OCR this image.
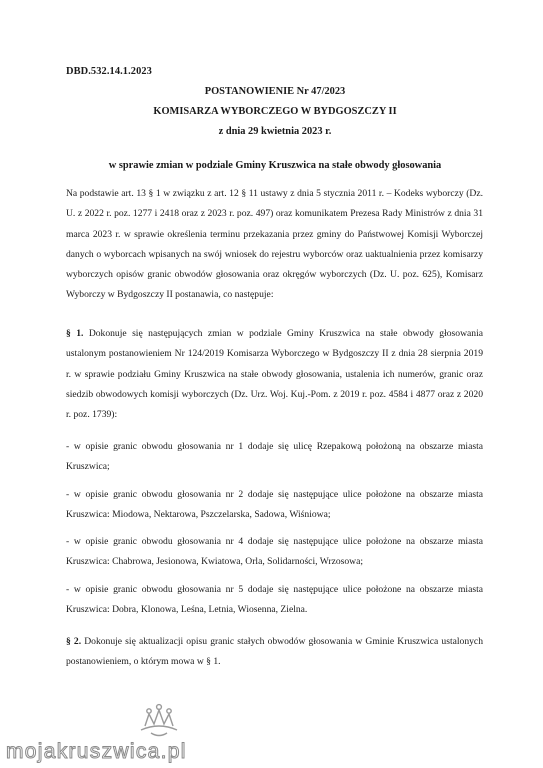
DBD.532.14.1.2023
POSTANOWIENIE Nr 47/2023
KOMISARZA WYBORCZEGO W BYDGOSZCZY II
z dnia 29 kwietnia 2023 r.
w sprawie zmian w podziale Gminy Kruszwica na stałe obwody głosowania

Na podstawie art. 13 § 1 w związku z art. 12 § 11 ustawy z dnia 5 stycznia 2011 r. – Kodeks wyborczy (Dz. U. z 2022 r. poz. 1277 i 2418 oraz z 2023 r. poz. 497) oraz komunikatem Prezesa Rady Ministrów z dnia 31 marca 2023 r. w sprawie określenia terminu przekazania przez gminy do Państwowej Komisji Wyborczej danych o wyborcach wpisanych na swój wniosek do rejestru wyborców oraz uaktualnienia przez komisarzy wyborczych opisów granic obwodów głosowania oraz okręgów wyborczych (Dz. U. poz. 625), Komisarz Wyborczy w Bydgoszczy II postanawia, co następuje:

§ 1. Dokonuje się następujących zmian w podziale Gminy Kruszwica na stałe obwody głosowania ustalonym postanowieniem Nr 124/2019 Komisarza Wyborczego w Bydgoszczy II z dnia 28 sierpnia 2019 r. w sprawie podziału Gminy Kruszwica na stałe obwody głosowania, ustalenia ich numerów, granic oraz siedzib obwodowych komisji wyborczych (Dz. Urz. Woj. Kuj.-Pom. z 2019 r. poz. 4584 i 4877 oraz z 2020 r. poz. 1739):

- w opisie granic obwodu głosowania nr 1 dodaje się ulicę Rzepakową położoną na obszarze miasta Kruszwica;

- w opisie granic obwodu głosowania nr 2 dodaje się następujące ulice położone na obszarze miasta Kruszwica: Miodowa, Nektarowa, Pszczelarska, Sadowa, Wiśniowa;

- w opisie granic obwodu głosowania nr 4 dodaje się następujące ulice położone na obszarze miasta Kruszwica: Chabrowa, Jesionowa, Kwiatowa, Orla, Solidarności, Wrzosowa;

- w opisie granic obwodu głosowania nr 5 dodaje się następujące ulice położone na obszarze miasta Kruszwica: Dobra, Klonowa, Leśna, Letnia, Wiosenna, Zielna.

§ 2. Dokonuje się aktualizacji opisu granic stałych obwodów głosowania w Gminie Kruszwica ustalonych postanowieniem, o którym mowa w § 1.

mojakruszwica.pl
